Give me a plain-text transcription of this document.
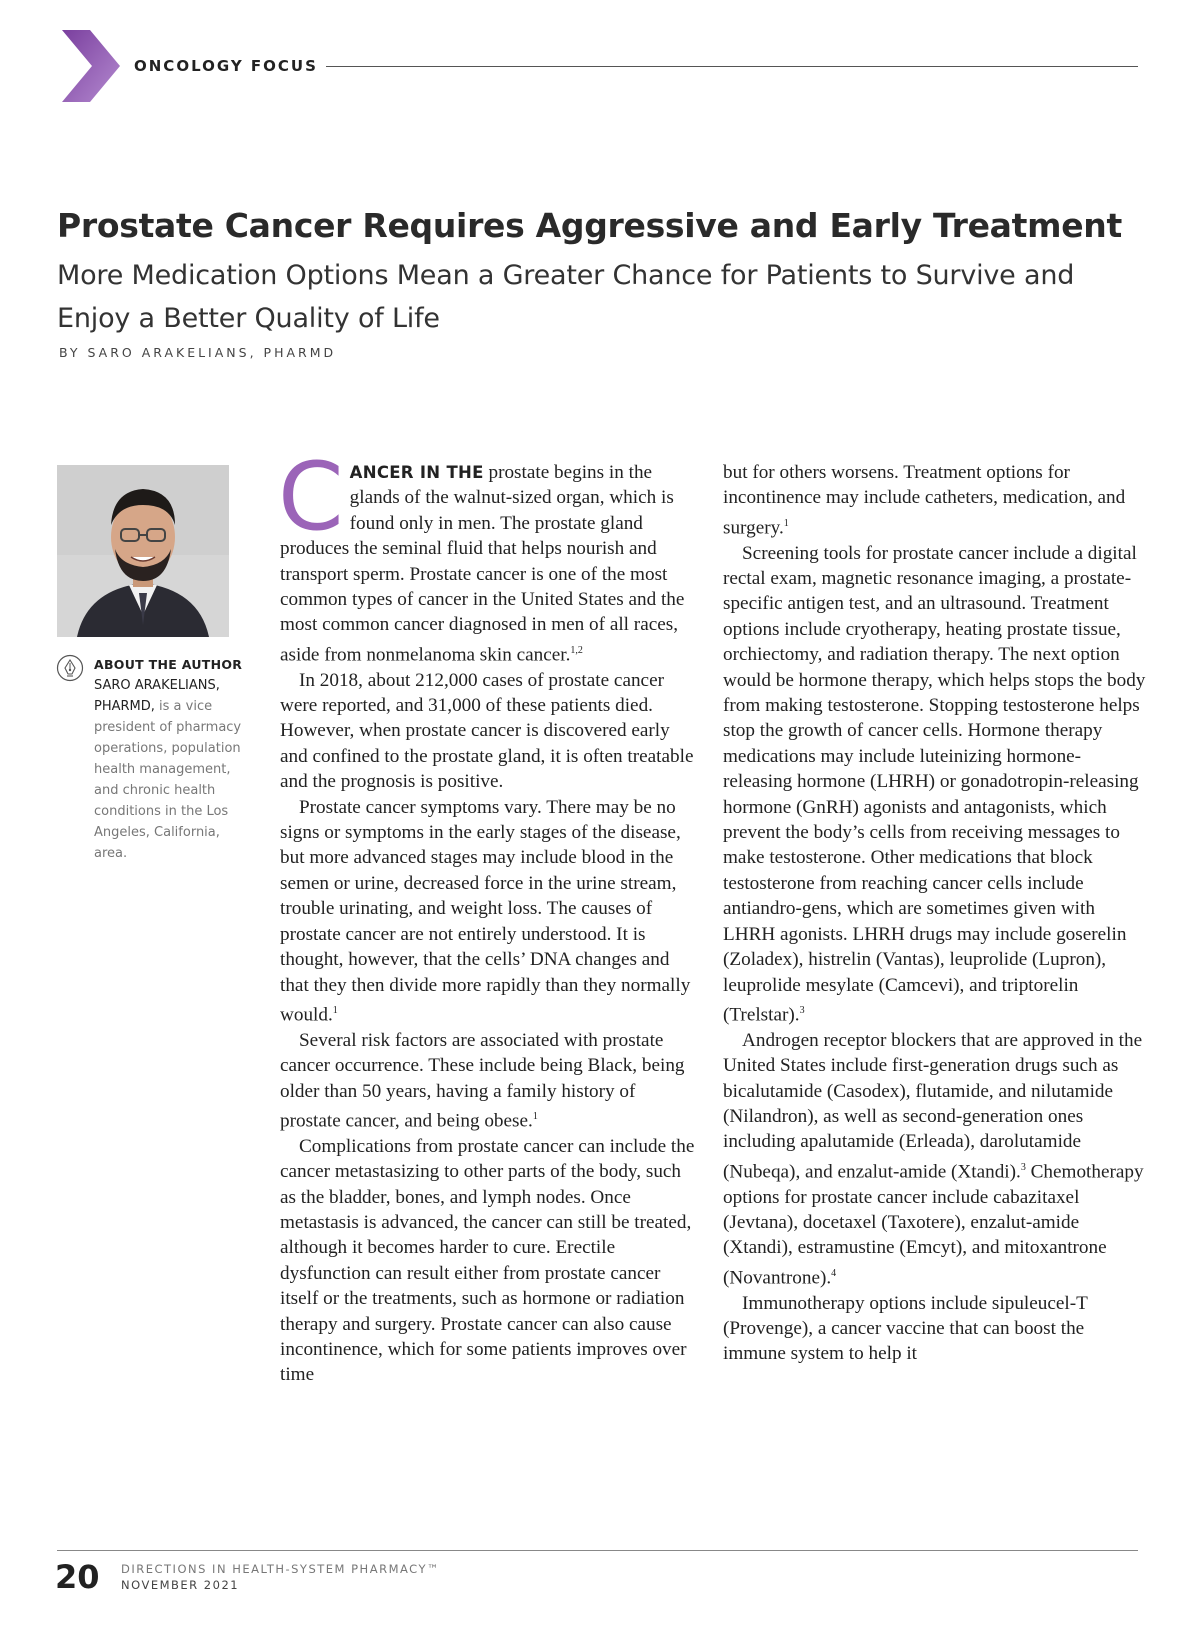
ONCOLOGY FOCUS
Prostate Cancer Requires Aggressive and Early Treatment
More Medication Options Mean a Greater Chance for Patients to Survive and Enjoy a Better Quality of Life
BY SARO ARAKELIANS, PHARMD
ABOUT THE AUTHOR
SARO ARAKELIANS, PHARMD, is a vice president of pharmacy operations, population health management, and chronic health conditions in the Los Angeles, California, area.

CANCER IN THE prostate begins in the glands of the walnut-sized organ, which is found only in men. The prostate gland produces the seminal fluid that helps nourish and transport sperm. Prostate cancer is one of the most common types of cancer in the United States and the most common cancer diagnosed in men of all races, aside from nonmelanoma skin cancer.$^{1,2}$

In 2018, about 212,000 cases of prostate cancer were reported, and 31,000 of these patients died. However, when prostate cancer is discovered early and confined to the prostate gland, it is often treatable and the prognosis is positive.

Prostate cancer symptoms vary. There may be no signs or symptoms in the early stages of the disease, but more advanced stages may include blood in the semen or urine, decreased force in the urine stream, trouble urinating, and weight loss. The causes of prostate cancer are not entirely understood. It is thought, however, that the cells’ DNA changes and that they then divide more rapidly than they normally would.$^1$

Several risk factors are associated with prostate cancer occurrence. These include being Black, being older than 50 years, having a family history of prostate cancer, and being obese.$^1$

Complications from prostate cancer can include the cancer metastasizing to other parts of the body, such as the bladder, bones, and lymph nodes. Once metastasis is advanced, the cancer can still be treated, although it becomes harder to cure. Erectile dysfunction can result either from prostate cancer itself or the treatments, such as hormone or radiation therapy and surgery. Prostate cancer can also cause incontinence, which for some patients improves over time

but for others worsens. Treatment options for incontinence may include catheters, medication, and surgery.$^1$

Screening tools for prostate cancer include a digital rectal exam, magnetic resonance imaging, a prostate-specific antigen test, and an ultrasound. Treatment options include cryotherapy, heating prostate tissue, orchiectomy, and radiation therapy. The next option would be hormone therapy, which helps stops the body from making testosterone. Stopping testosterone helps stop the growth of cancer cells. Hormone therapy medications may include luteinizing hormone-releasing hormone (LHRH) or gonadotropin-releasing hormone (GnRH) agonists and antagonists, which prevent the body’s cells from receiving messages to make testosterone. Other medications that block testosterone from reaching cancer cells include antiandro-gens, which are sometimes given with LHRH agonists. LHRH drugs may include goserelin (Zoladex), histrelin (Vantas), leuprolide (Lupron), leuprolide mesylate (Camcevi), and triptorelin (Trelstar).$^3$

Androgen receptor blockers that are approved in the United States include first-generation drugs such as bicalutamide (Casodex), flutamide, and nilutamide (Nilandron), as well as second-generation ones including apalutamide (Erleada), darolutamide (Nubeqa), and enzalut-amide (Xtandi).$^3$ Chemotherapy options for prostate cancer include cabazitaxel (Jevtana), docetaxel (Taxotere), enzalut-amide (Xtandi), estramustine (Emcyt), and mitoxantrone (Novantrone).$^4$

Immunotherapy options include sipuleucel-T (Provenge), a cancer vaccine that can boost the immune system to help it

20 DIRECTIONS IN HEALTH-SYSTEM PHARMACY™
NOVEMBER 2021
